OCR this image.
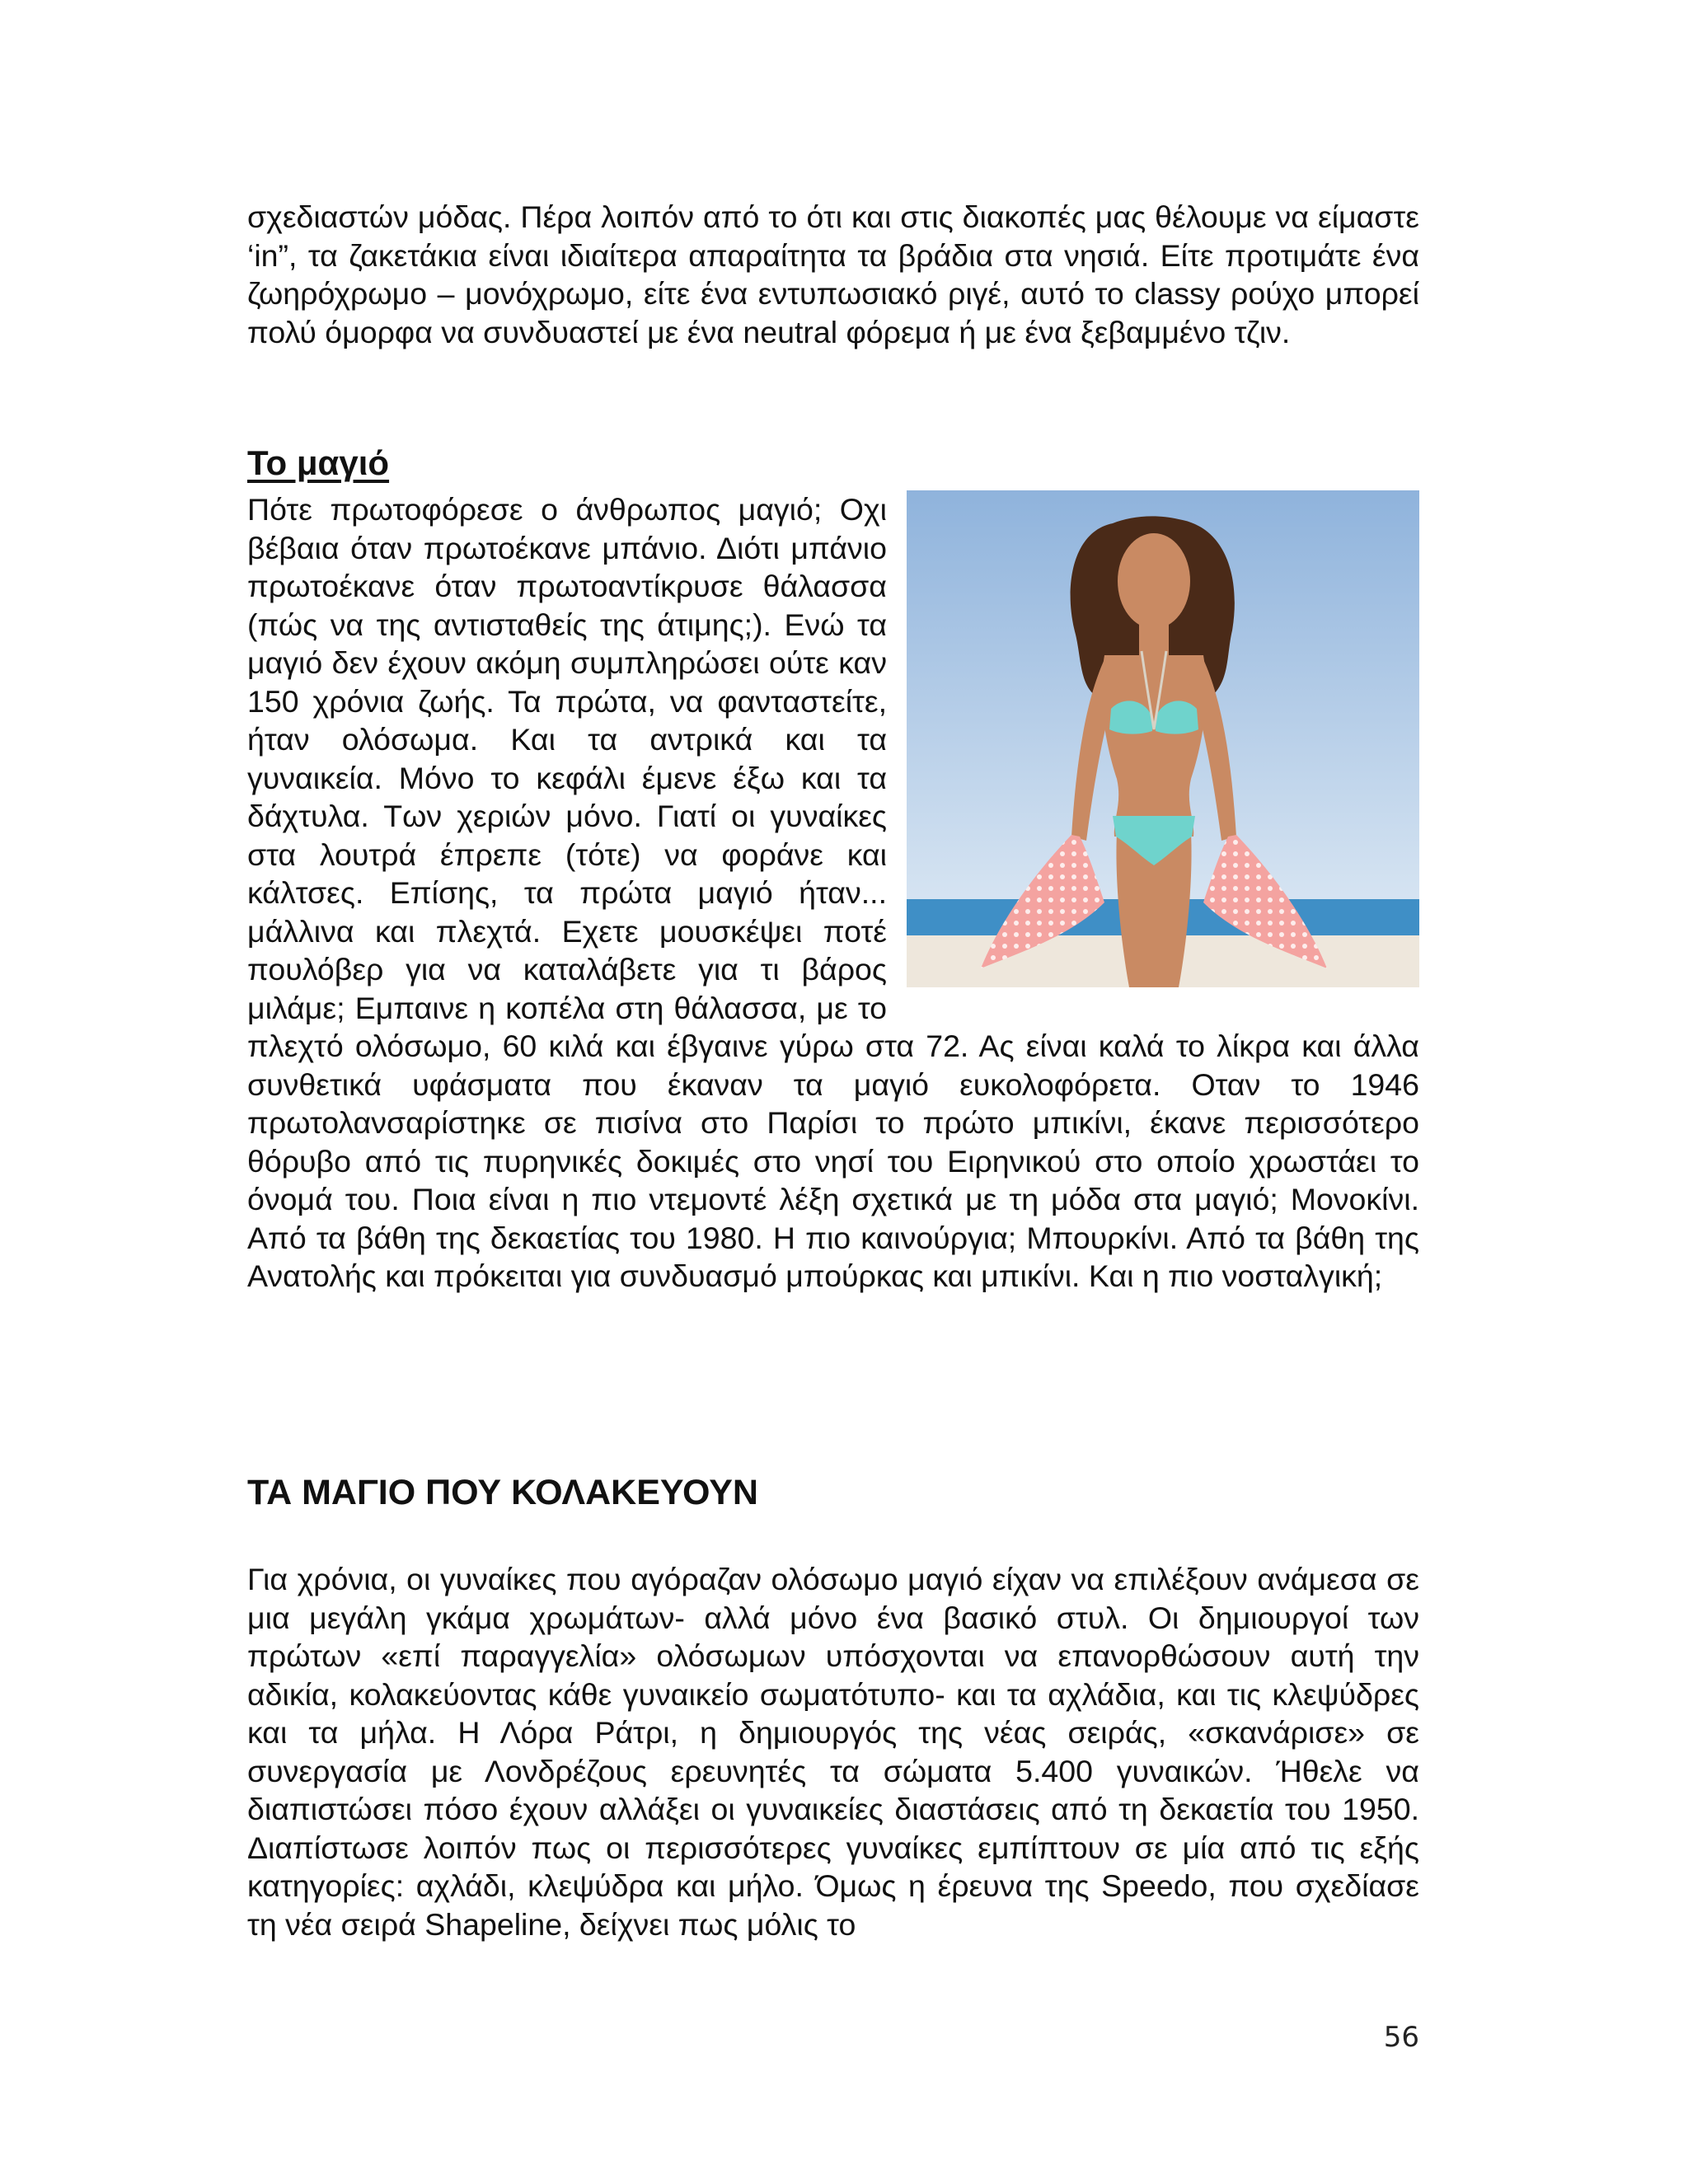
σχεδιαστών μόδας. Πέρα λοιπόν από το ότι και στις διακοπές μας θέλουμε να είμαστε ‘in”, τα ζακετάκια είναι ιδιαίτερα απαραίτητα τα βράδια στα νησιά. Είτε προτιμάτε ένα ζωηρόχρωμο – μονόχρωμο, είτε ένα εντυπωσιακό ριγέ, αυτό το classy ρούχο μπορεί πολύ όμορφα να συνδυαστεί με ένα neutral φόρεμα ή με ένα ξεβαμμένο τζιν.

Το μαγιό

Πότε πρωτοφόρεσε ο άνθρωπος μαγιό; Οχι βέβαια όταν πρωτοέκανε μπάνιο. Διότι μπάνιο πρωτοέκανε όταν πρωτοαντίκρυσε θάλασσα (πώς να της αντισταθείς της άτιμης;). Ενώ τα μαγιό δεν έχουν ακόμη συμπληρώσει ούτε καν 150 χρόνια ζωής. Τα πρώτα, να φανταστείτε, ήταν ολόσωμα. Και τα αντρικά και τα γυναικεία. Μόνο το κεφάλι έμενε έξω και τα δάχτυλα. Των χεριών μόνο. Γιατί οι γυναίκες στα λουτρά έπρεπε (τότε) να φοράνε και κάλτσες. Επίσης, τα πρώτα μαγιό ήταν... μάλλινα και πλεχτά. Εχετε μουσκέψει ποτέ πουλόβερ για να καταλάβετε για τι βάρος μιλάμε; Εμπαινε η κοπέλα στη θάλασσα, με το πλεχτό ολόσωμο, 60 κιλά και έβγαινε γύρω στα 72. Ας είναι καλά το λίκρα και άλλα συνθετικά υφάσματα που έκαναν τα μαγιό ευκολοφόρετα. Οταν το 1946 πρωτολανσαρίστηκε σε πισίνα στο Παρίσι το πρώτο μπικίνι, έκανε περισσότερο θόρυβο από τις πυρηνικές δοκιμές στο νησί του Ειρηνικού στο οποίο χρωστάει το όνομά του. Ποια είναι η πιο ντεμοντέ λέξη σχετικά με τη μόδα στα μαγιό; Μονοκίνι. Από τα βάθη της δεκαετίας του 1980. Η πιο καινούργια; Μπουρκίνι. Από τα βάθη της Ανατολής και πρόκειται για συνδυασμό μπούρκας και μπικίνι. Και η πιο νοσταλγική;

ΤΑ ΜΑΓΙΟ ΠΟΥ ΚΟΛΑΚΕΥΟΥΝ

Για χρόνια, οι γυναίκες που αγόραζαν ολόσωμο μαγιό είχαν να επιλέξουν ανάμεσα σε μια μεγάλη γκάμα χρωμάτων- αλλά μόνο ένα βασικό στυλ. Οι δημιουργοί των πρώτων «επί παραγγελία» ολόσωμων υπόσχονται να επανορθώσουν αυτή την αδικία, κολακεύοντας κάθε γυναικείο σωματότυπο- και τα αχλάδια, και τις κλεψύδρες και τα μήλα. Η Λόρα Ράτρι, η δημιουργός της νέας σειράς, «σκανάρισε» σε συνεργασία με Λονδρέζους ερευνητές τα σώματα 5.400 γυναικών. Ήθελε να διαπιστώσει πόσο έχουν αλλάξει οι γυναικείες διαστάσεις από τη δεκαετία του 1950. Διαπίστωσε λοιπόν πως οι περισσότερες γυναίκες εμπίπτουν σε μία από τις εξής κατηγορίες: αχλάδι, κλεψύδρα και μήλο. Όμως η έρευνα της Speedo, που σχεδίασε τη νέα σειρά Shapeline, δείχνει πως μόλις το

56
